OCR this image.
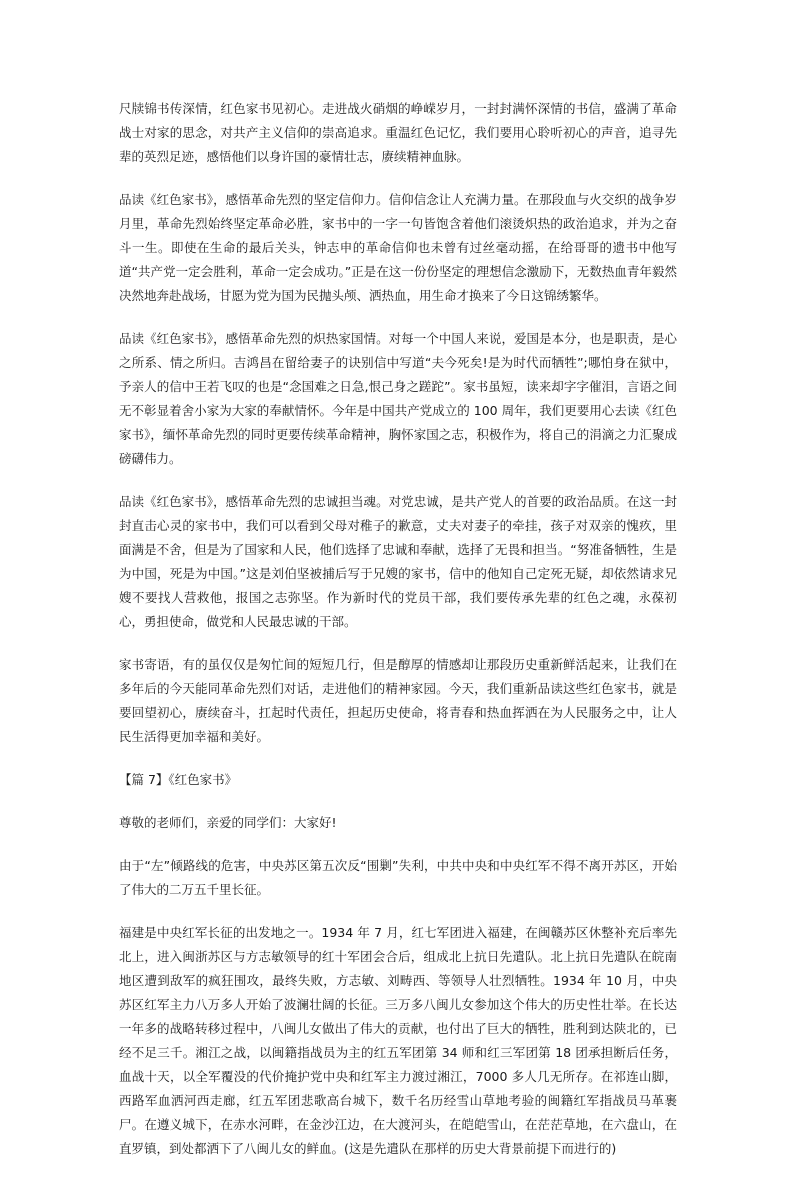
尺牍锦书传深情，红色家书见初心。走进战火硝烟的峥嵘岁月，一封封满怀深情的书信，盛满了革命战士对家的思念，对共产主义信仰的崇高追求。重温红色记忆，我们要用心聆听初心的声音，追寻先辈的英烈足迹，感悟他们以身许国的豪情壮志，赓续精神血脉。

品读《红色家书》，感悟革命先烈的坚定信仰力。信仰信念让人充满力量。在那段血与火交织的战争岁月里，革命先烈始终坚定革命必胜，家书中的一字一句皆饱含着他们滚烫炽热的政治追求，并为之奋斗一生。即使在生命的最后关头，钟志申的革命信仰也未曾有过丝毫动摇，在给哥哥的遗书中他写道“共产党一定会胜利，革命一定会成功。”正是在这一份份坚定的理想信念激励下，无数热血青年毅然决然地奔赴战场，甘愿为党为国为民抛头颅、洒热血，用生命才换来了今日这锦绣繁华。

品读《红色家书》，感悟革命先烈的炽热家国情。对每一个中国人来说，爱国是本分，也是职责，是心之所系、情之所归。吉鸿昌在留给妻子的诀别信中写道“夫今死矣!是为时代而牺牲”;哪怕身在狱中，予亲人的信中王若飞叹的也是“念国难之日急,恨己身之蹉跎”。家书虽短，读来却字字催泪，言语之间无不彰显着舍小家为大家的奉献情怀。今年是中国共产党成立的 100 周年，我们更要用心去读《红色家书》，缅怀革命先烈的同时更要传续革命精神，胸怀家国之志，积极作为，将自己的涓滴之力汇聚成磅礴伟力。

品读《红色家书》，感悟革命先烈的忠诚担当魂。对党忠诚，是共产党人的首要的政治品质。在这一封封直击心灵的家书中，我们可以看到父母对稚子的歉意，丈夫对妻子的牵挂，孩子对双亲的愧疚，里面满是不舍，但是为了国家和人民，他们选择了忠诚和奉献，选择了无畏和担当。“努准备牺牲，生是为中国，死是为中国。”这是刘伯坚被捕后写于兄嫂的家书，信中的他知自己定死无疑，却依然请求兄嫂不要找人营救他，报国之志弥坚。作为新时代的党员干部，我们要传承先辈的红色之魂，永葆初心，勇担使命，做党和人民最忠诚的干部。

家书寄语，有的虽仅仅是匆忙间的短短几行，但是醇厚的情感却让那段历史重新鲜活起来，让我们在多年后的今天能同革命先烈们对话，走进他们的精神家园。今天，我们重新品读这些红色家书，就是要回望初心，赓续奋斗，扛起时代责任，担起历史使命，将青春和热血挥洒在为人民服务之中，让人民生活得更加幸福和美好。

【篇 7】《红色家书》

尊敬的老师们，亲爱的同学们：大家好!

由于“左”倾路线的危害，中央苏区第五次反“围剿”失利，中共中央和中央红军不得不离开苏区，开始了伟大的二万五千里长征。

福建是中央红军长征的出发地之一。1934 年 7 月，红七军团进入福建，在闽赣苏区休整补充后率先北上，进入闽浙苏区与方志敏领导的红十军团会合后，组成北上抗日先遣队。北上抗日先遣队在皖南地区遭到敌军的疯狂围攻，最终失败，方志敏、刘畴西、等领导人壮烈牺牲。1934 年 10 月，中央苏区红军主力八万多人开始了波澜壮阔的长征。三万多八闽儿女参加这个伟大的历史性壮举。在长达一年多的战略转移过程中，八闽儿女做出了伟大的贡献，也付出了巨大的牺牲，胜利到达陕北的，已经不足三千。湘江之战，以闽籍指战员为主的红五军团第 34 师和红三军团第 18 团承担断后任务，血战十天，以全军覆没的代价掩护党中央和红军主力渡过湘江，7000 多人几无所存。在祁连山脚，西路军血洒河西走廊，红五军团悲歌高台城下，数千名历经雪山草地考验的闽籍红军指战员马革裹尸。在遵义城下，在赤水河畔，在金沙江边，在大渡河头，在皑皑雪山，在茫茫草地，在六盘山，在直罗镇，到处都洒下了八闽儿女的鲜血。(这是先遣队在那样的历史大背景前提下而进行的)
